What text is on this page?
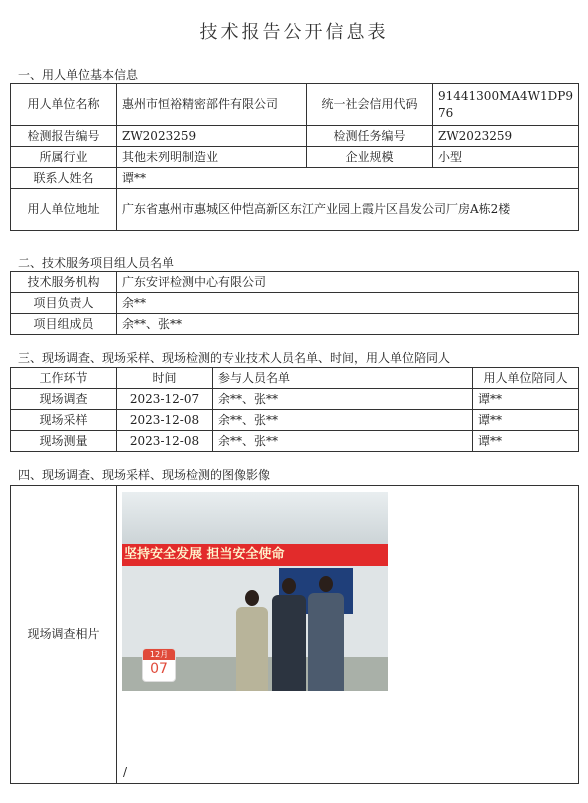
技术报告公开信息表
一、用人单位基本信息
用人单位名称	惠州市恒裕精密部件有限公司	统一社会信用代码	91441300MA4W1DP976
检测报告编号	ZW2023259	检测任务编号	ZW2023259
所属行业	其他未列明制造业	企业规模	小型
联系人姓名	谭**		
用人单位地址	广东省惠州市惠城区仲恺高新区东江产业园上霞片区昌发公司厂房A栋2楼		
二、技术服务项目组人员名单
技术服务机构	广东安评检测中心有限公司
项目负责人	余**
项目组成员	余**、张**
三、现场调查、现场采样、现场检测的专业技术人员名单、时间，用人单位陪同人
工作环节	时间	参与人员名单	用人单位陪同人
现场调查	2023-12-07	余**、张**	谭**
现场采样	2023-12-08	余**、张**	谭**
现场测量	2023-12-08	余**、张**	谭**
四、现场调查、现场采样、现场检测的图像影像
现场调查相片	
坚持安全发展 担当安全使命
12月
07
/
